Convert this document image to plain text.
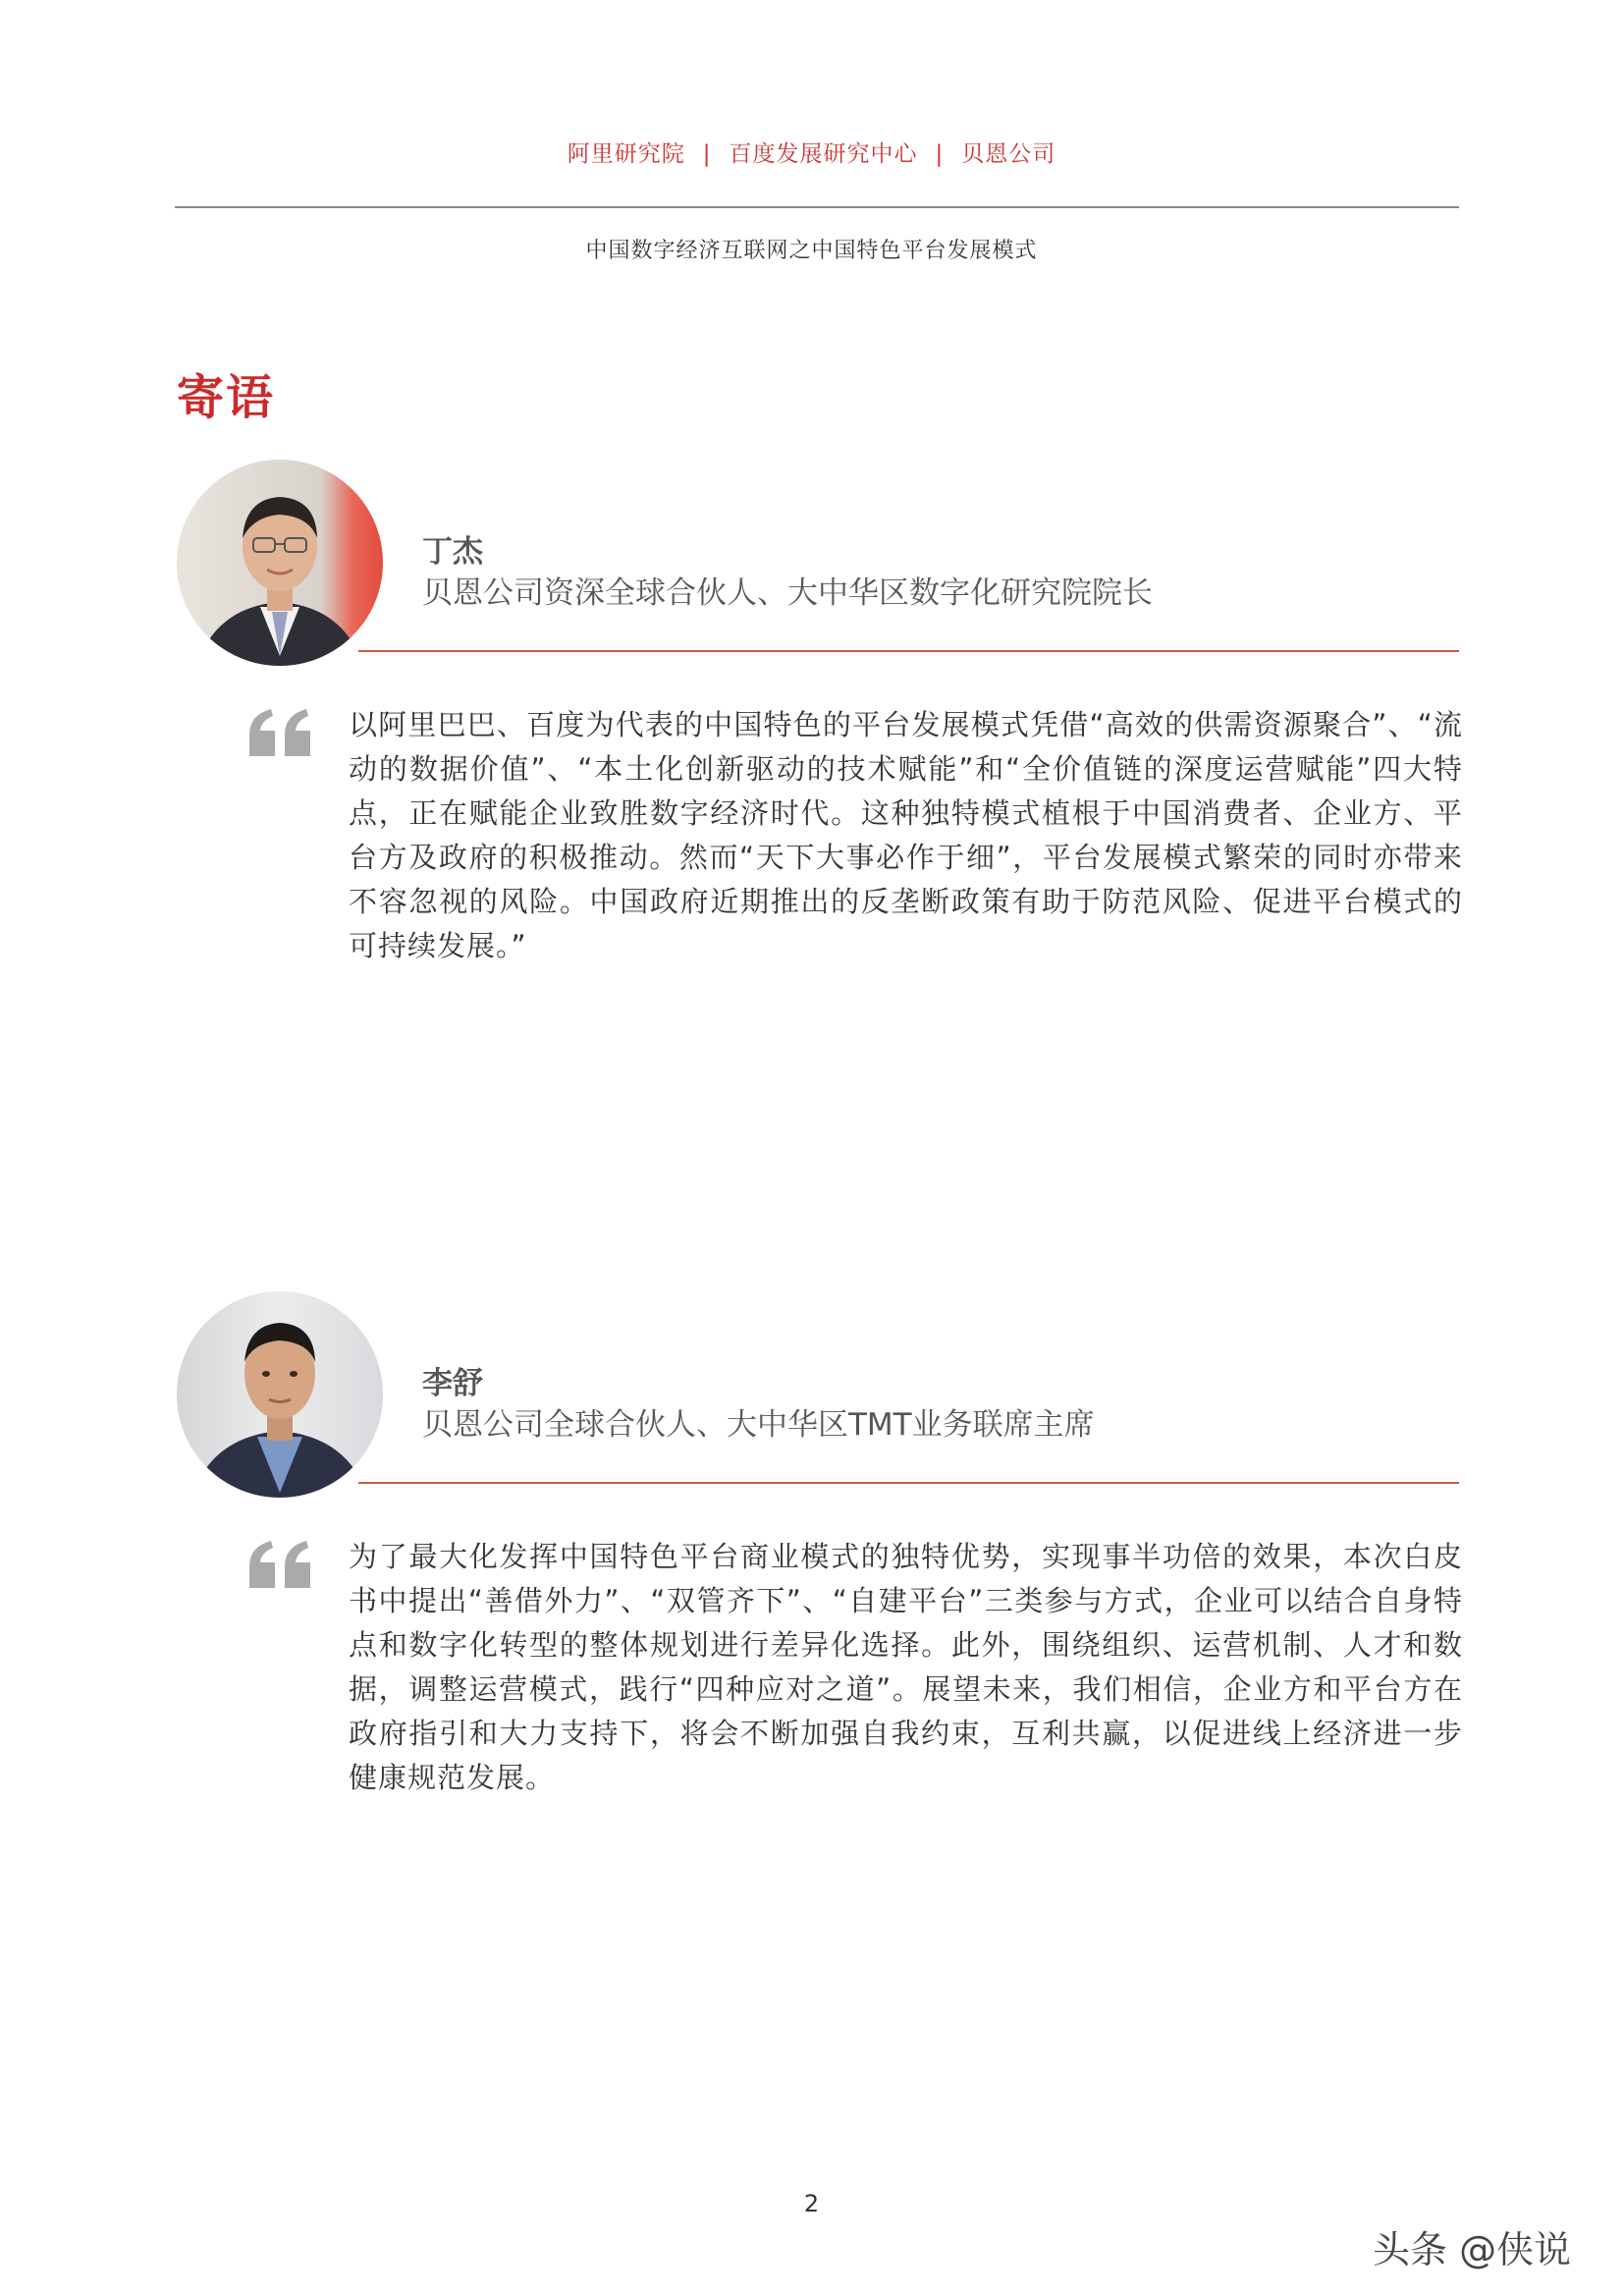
阿里研究院 | 百度发展研究中心 | 贝恩公司
中国数字经济互联网之中国特色平台发展模式
寄语
丁杰
贝恩公司资深全球合伙人、大中华区数字化研究院院长
以阿里巴巴、百度为代表的中国特色的平台发展模式凭借“高效的供需资源聚合”、“流动的数据价值”、“本土化创新驱动的技术赋能”和“全价值链的深度运营赋能”四大特点，正在赋能企业致胜数字经济时代。这种独特模式植根于中国消费者、企业方、平台方及政府的积极推动。然而“天下大事必作于细”，平台发展模式繁荣的同时亦带来不容忽视的风险。中国政府近期推出的反垄断政策有助于防范风险、促进平台模式的可持续发展。”
李舒
贝恩公司全球合伙人、大中华区TMT业务联席主席
为了最大化发挥中国特色平台商业模式的独特优势，实现事半功倍的效果，本次白皮书中提出“善借外力”、“双管齐下”、“自建平台”三类参与方式，企业可以结合自身特点和数字化转型的整体规划进行差异化选择。此外，围绕组织、运营机制、人才和数据，调整运营模式，践行“四种应对之道”。展望未来，我们相信，企业方和平台方在政府指引和大力支持下，将会不断加强自我约束，互利共赢，以促进线上经济进一步健康规范发展。
2
头条 @侠说
